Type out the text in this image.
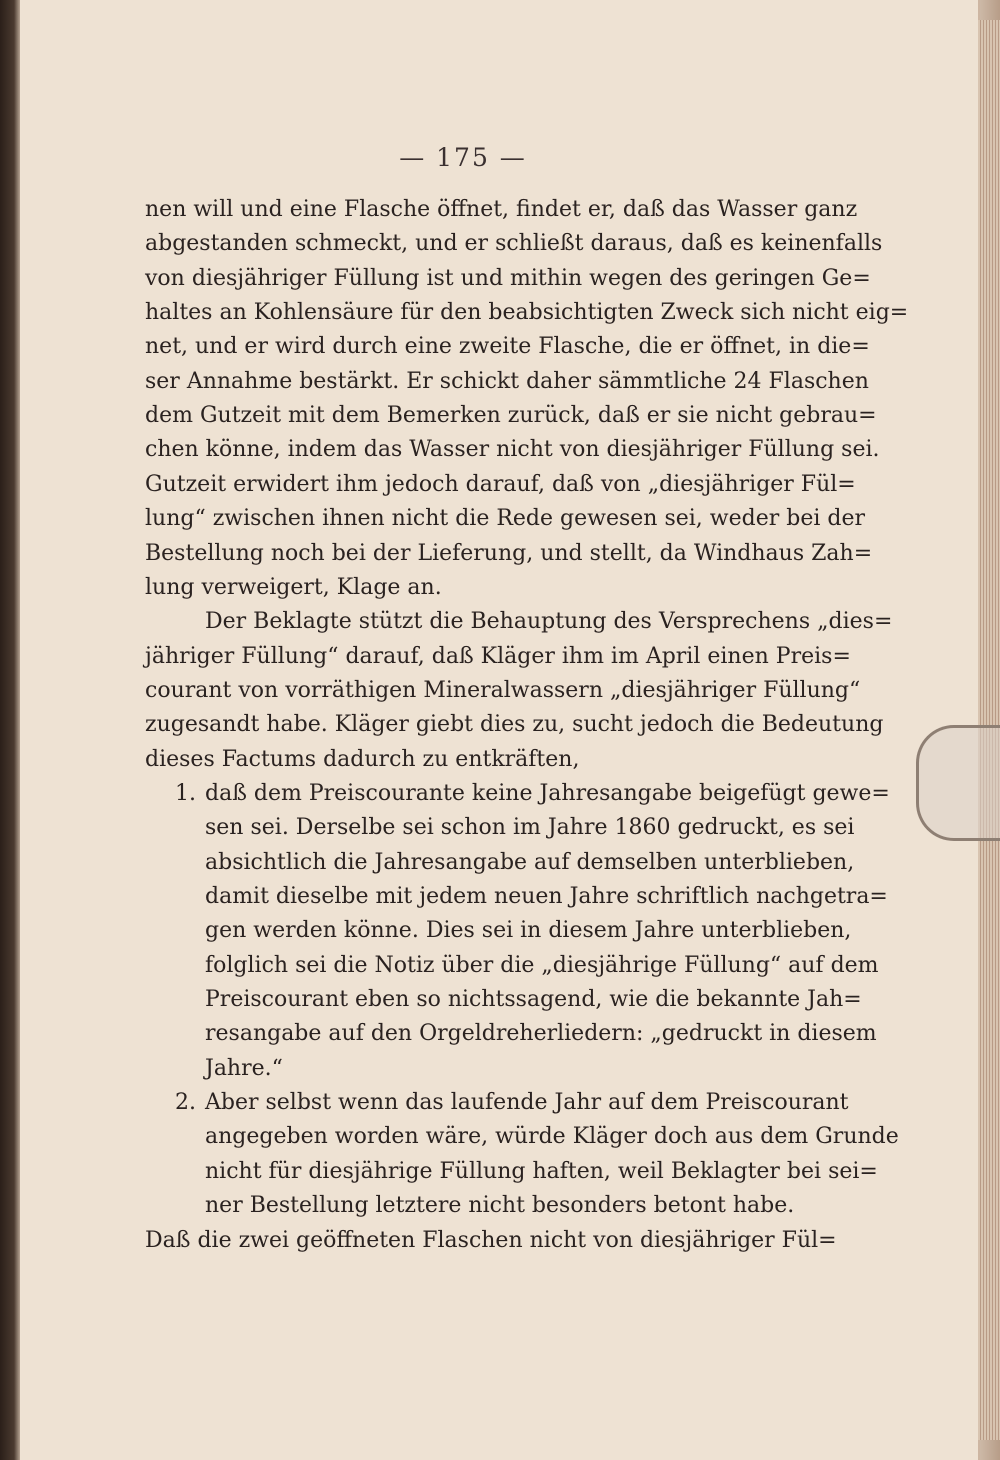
— 175 —
nen will und eine Flasche öffnet, findet er, daß das Wasser ganz
abgestanden schmeckt, und er schließt daraus, daß es keinenfalls
von diesjähriger Füllung ist und mithin wegen des geringen Ge=
haltes an Kohlensäure für den beabsichtigten Zweck sich nicht eig=
net, und er wird durch eine zweite Flasche, die er öffnet, in die=
ser Annahme bestärkt. Er schickt daher sämmtliche 24 Flaschen
dem Gutzeit mit dem Bemerken zurück, daß er sie nicht gebrau=
chen könne, indem das Wasser nicht von diesjähriger Füllung sei.
Gutzeit erwidert ihm jedoch darauf, daß von „diesjähriger Fül=
lung“ zwischen ihnen nicht die Rede gewesen sei, weder bei der
Bestellung noch bei der Lieferung, und stellt, da Windhaus Zah=
lung verweigert, Klage an.
Der Beklagte stützt die Behauptung des Versprechens „dies=
jähriger Füllung“ darauf, daß Kläger ihm im April einen Preis=
courant von vorräthigen Mineralwassern „diesjähriger Füllung“
zugesandt habe. Kläger giebt dies zu, sucht jedoch die Bedeutung
dieses Factums dadurch zu entkräften,
1. daß dem Preiscourante keine Jahresangabe beigefügt gewe=
sen sei. Derselbe sei schon im Jahre 1860 gedruckt, es sei
absichtlich die Jahresangabe auf demselben unterblieben,
damit dieselbe mit jedem neuen Jahre schriftlich nachgetra=
gen werden könne. Dies sei in diesem Jahre unterblieben,
folglich sei die Notiz über die „diesjährige Füllung“ auf dem
Preiscourant eben so nichtssagend, wie die bekannte Jah=
resangabe auf den Orgeldreherliedern: „gedruckt in diesem
Jahre.“
2. Aber selbst wenn das laufende Jahr auf dem Preiscourant
angegeben worden wäre, würde Kläger doch aus dem Grunde
nicht für diesjährige Füllung haften, weil Beklagter bei sei=
ner Bestellung letztere nicht besonders betont habe.
Daß die zwei geöffneten Flaschen nicht von diesjähriger Fül=
